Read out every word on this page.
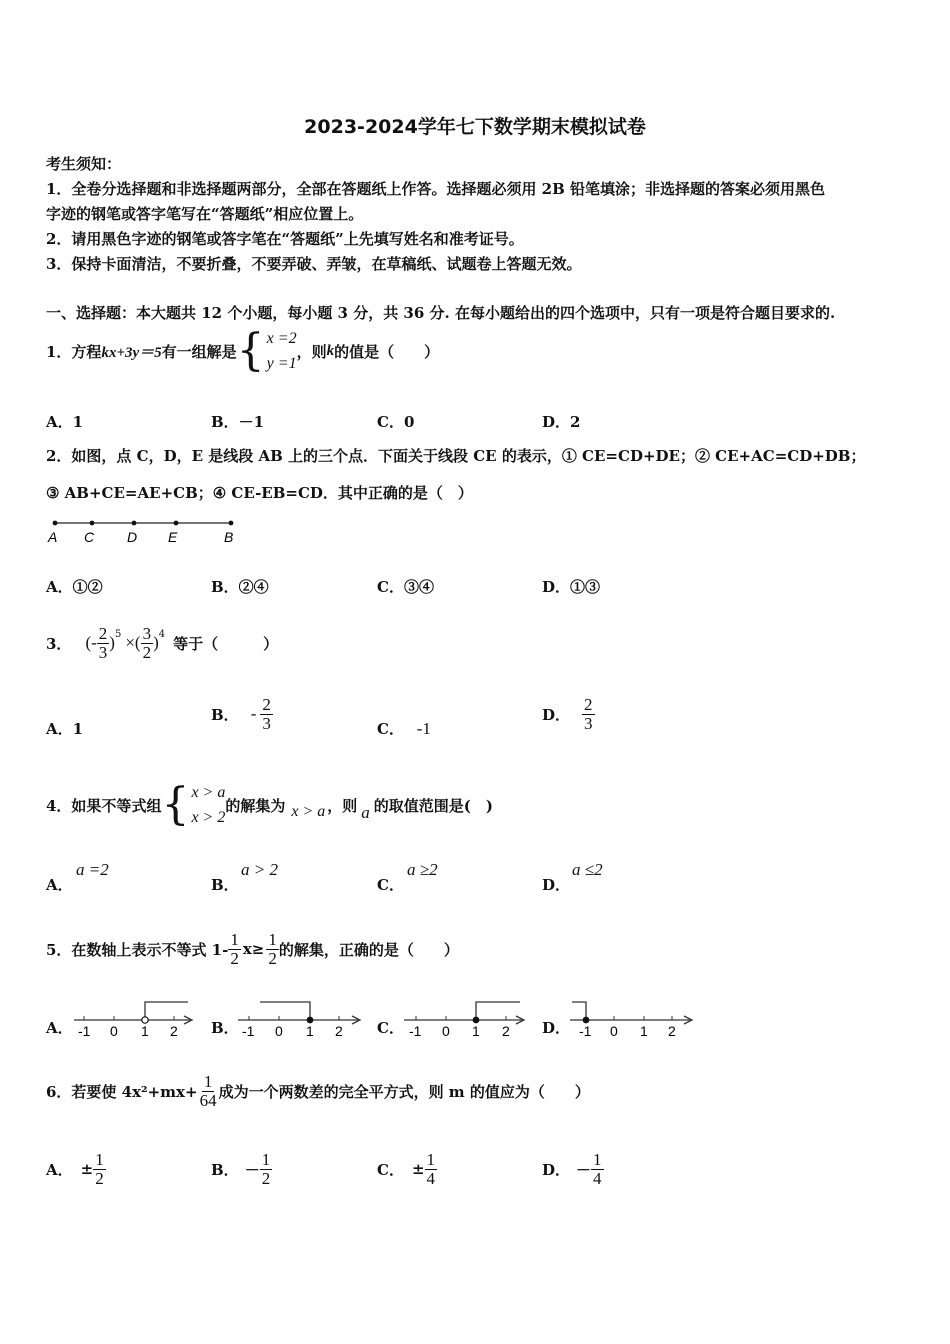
2023-2024学年七下数学期末模拟试卷
考生须知：
1．全卷分选择题和非选择题两部分，全部在答题纸上作答。选择题必须用 2B 铅笔填涂；非选择题的答案必须用黑色
字迹的钢笔或答字笔写在“答题纸”相应位置上。
2．请用黑色字迹的钢笔或答字笔在“答题纸”上先填写姓名和准考证号。
3．保持卡面清洁，不要折叠，不要弄破、弄皱，在草稿纸、试题卷上答题无效。
一、选择题：本大题共 12 个小题，每小题 3 分，共 36 分. 在每小题给出的四个选项中，只有一项是符合题目要求的.
1．方程 kx+3y＝5 有一组解是 { x =2
y =1
，则 k 的值是（　　）
A．1	B．－1	C．0	D．2
2．如图，点 C，D，E 是线段 AB 上的三个点．下面关于线段 CE 的表示，① CE=CD+DE；② CE+AC=CD+DB；
③ AB+CE=AE+CB；④ CE-EB=CD．其中正确的是（　）
A C D E	B
A．①②	B．②④	C．③④	D．①③
3． (- $\frac{2}{3} )^5$ ×( $\frac{3}{2} )^4$
等于（　　　）
A．1
B． - $\frac{2}{3}$	C． -1
D． $\frac{2}{3}$
4．如果不等式组 { x > a
x > 2
的解集为 x > a ，则 a 的取值范围是(　)
A．
a =2
B．
a > 2
C．
a ≥2
D．
a ≤2
5．在数轴上表示不等式 $1- \frac{1}{2} x\ge \frac{1}{2}$ 的解集，正确的是（　　）
A． -1 0 1 2 B． -1 0 1 2 C． -1 0 1 2 D． -1 0 1 2
6．若要使 $4x^2+mx+ \frac{1}{64}$ 成为一个两数差的完全平方式，则 m 的值应为（　　）
A． ± $\frac{1}{2}$	B． － $\frac{1}{2}$	C． ± $\frac{1}{4}$	D． － $\frac{1}{4}$
